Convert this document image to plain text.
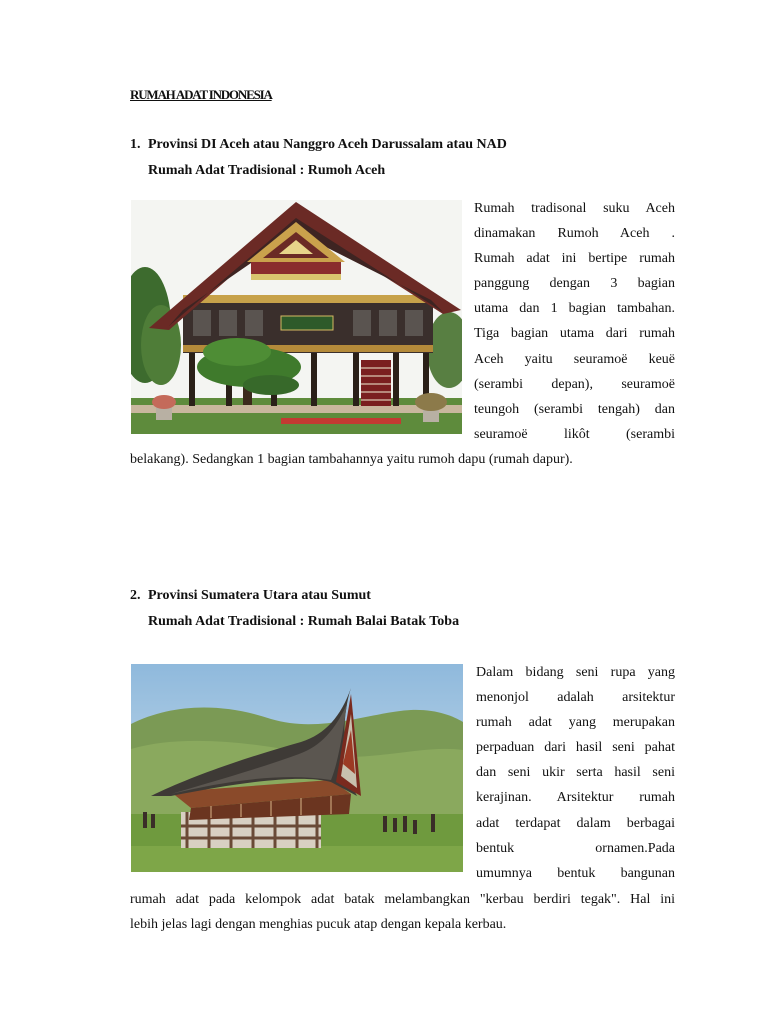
RUMAH ADAT INDONESIA
1. Provinsi DI Aceh atau Nanggro Aceh Darussalam atau NAD
Rumah Adat Tradisional : Rumoh Aceh
Rumah tradisonal suku Aceh
dinamakan Rumoh Aceh .
Rumah adat ini bertipe rumah
panggung dengan 3 bagian
utama dan 1 bagian tambahan.
Tiga bagian utama dari rumah
Aceh yaitu seuramoë keuë
(serambi depan), seuramoë
teungoh (serambi tengah) dan
seuramoë likôt (serambi
belakang). Sedangkan 1 bagian tambahannya yaitu rumoh dapu (rumah dapur).
2. Provinsi Sumatera Utara atau Sumut
Rumah Adat Tradisional : Rumah Balai Batak Toba
Dalam bidang seni rupa yang
menonjol adalah arsitektur
rumah adat yang merupakan
perpaduan dari hasil seni pahat
dan seni ukir serta hasil seni
kerajinan. Arsitektur rumah
adat terdapat dalam berbagai
bentuk ornamen.Pada
umumnya bentuk bangunan
rumah adat pada kelompok adat batak melambangkan "kerbau berdiri tegak". Hal ini
lebih jelas lagi dengan menghias pucuk atap dengan kepala kerbau.
